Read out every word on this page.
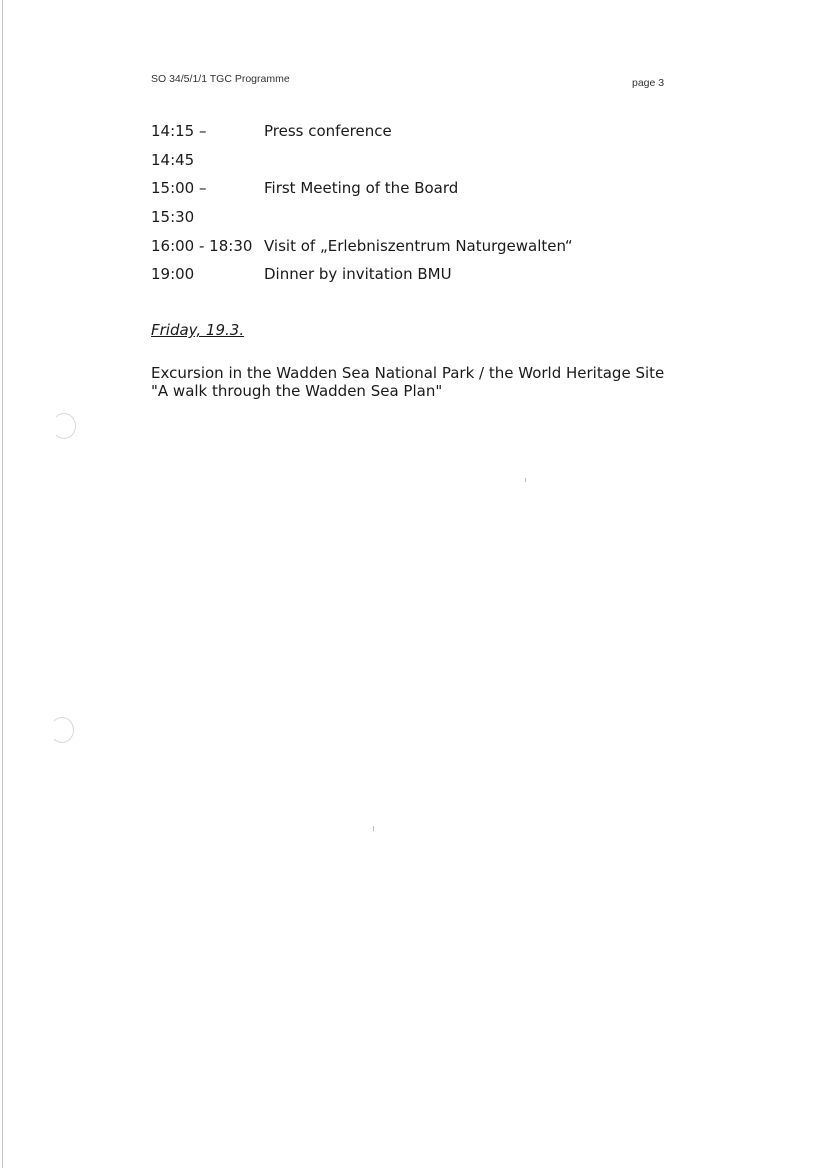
SO 34/5/1/1 TGC Programme	page 3
14:15 –	Press conference
14:45
15:00 –	First Meeting of the Board
15:30
16:00 - 18:30 Visit of „Erlebniszentrum Naturgewalten“
19:00	Dinner by invitation BMU
Friday, 19.3.
Excursion in the Wadden Sea National Park / the World Heritage Site
"A walk through the Wadden Sea Plan"
